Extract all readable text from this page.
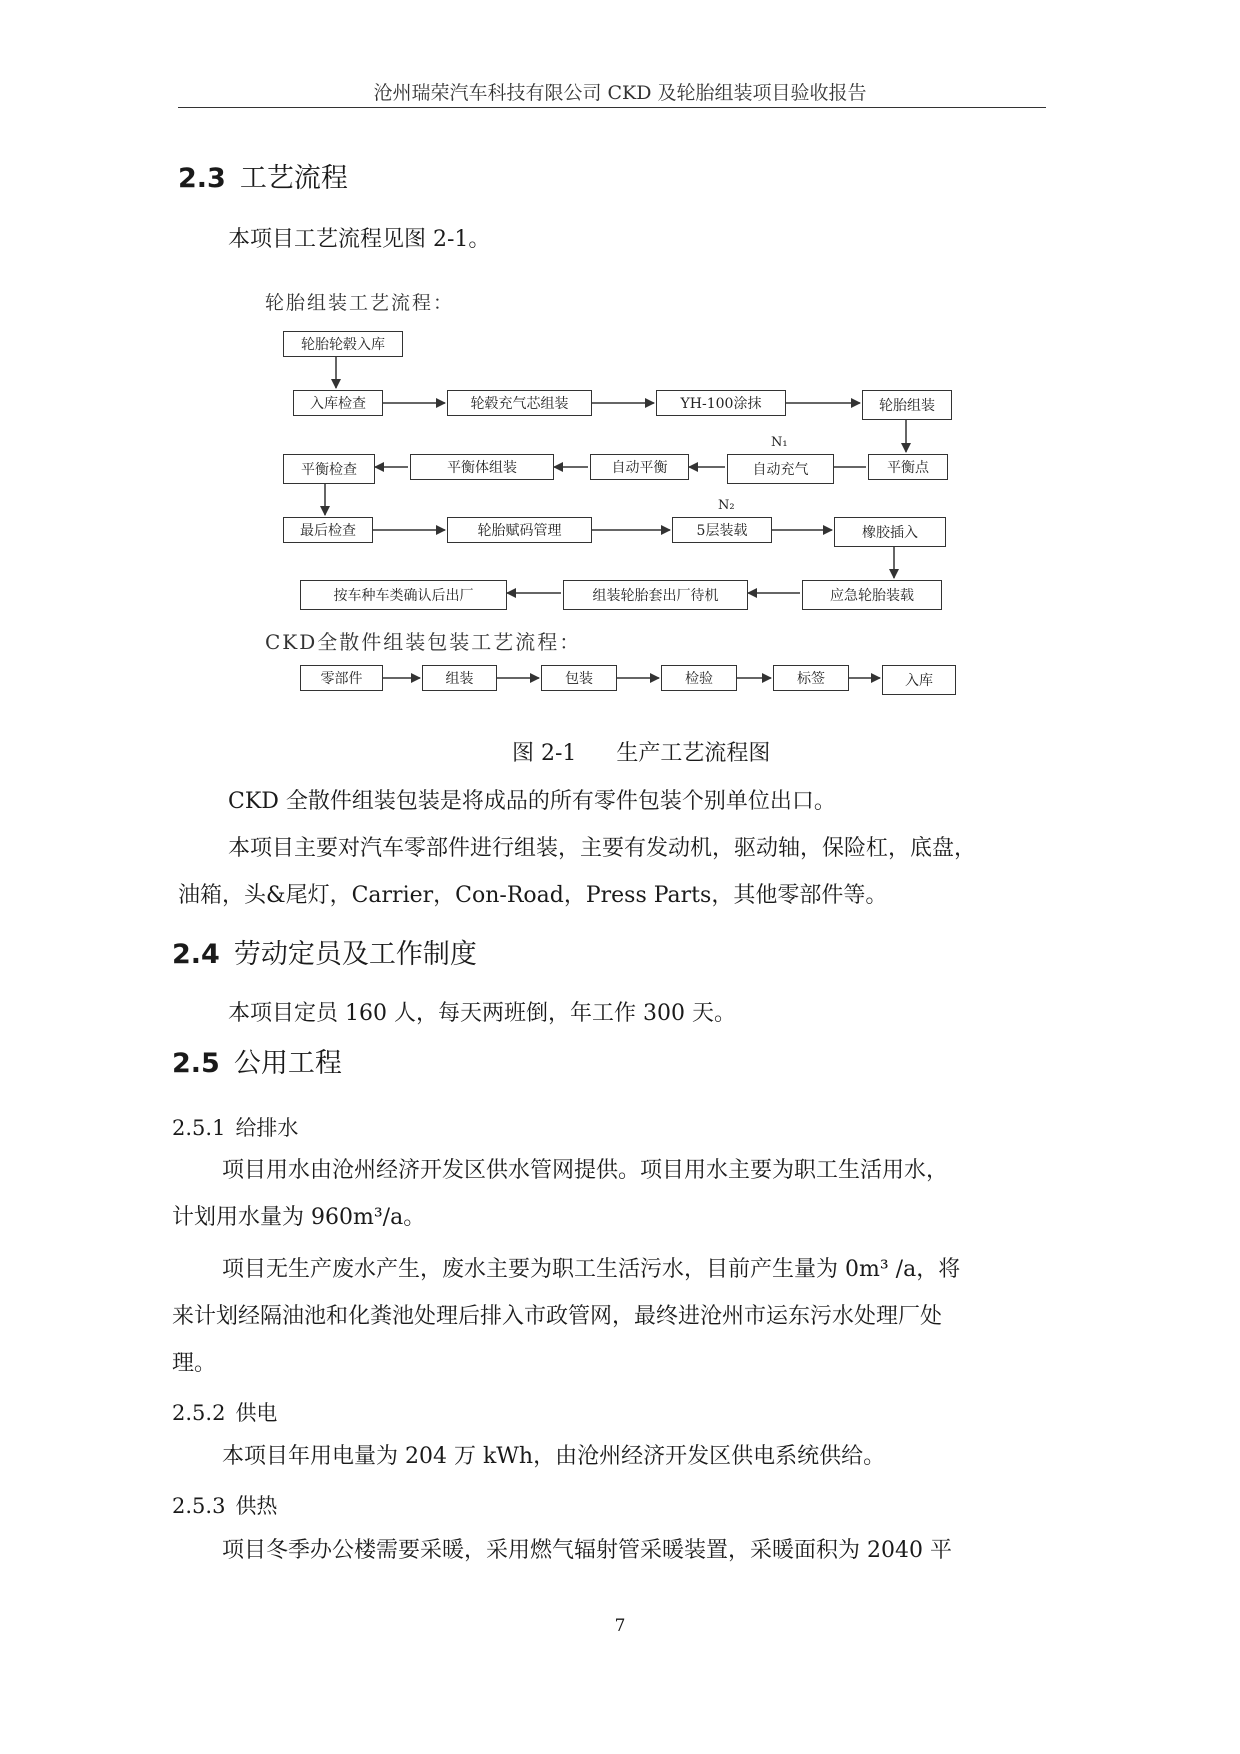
沧州瑞荣汽车科技有限公司 CKD 及轮胎组装项目验收报告
2.3 工艺流程
本项目工艺流程见图 2-1。
轮胎组装工艺流程：
轮胎轮毂入库
入库检查	轮毂充气芯组装	YH-100涂抹	轮胎组装
平衡点
N₁
自动充气
自动平衡
平衡体组装
平衡检查
最后检查	轮胎赋码管理
N₂
5层装载	橡胶插入
应急轮胎装载
组装轮胎套出厂待机
按车种车类确认后出厂
CKD全散件组装包装工艺流程：
零部件	组装	包装	检验	标签	入库
图 2-1 生产工艺流程图
CKD 全散件组装包装是将成品的所有零件包装个别单位出口。
本项目主要对汽车零部件进行组装，主要有发动机，驱动轴，保险杠，底盘，
油箱，头&尾灯，Carrier，Con-Road，Press Parts，其他零部件等。
2.4 劳动定员及工作制度
本项目定员 160 人，每天两班倒，年工作 300 天。
2.5 公用工程
2.5.1 给排水
项目用水由沧州经济开发区供水管网提供。项目用水主要为职工生活用水，
计划用水量为 960m³/a。
项目无生产废水产生，废水主要为职工生活污水，目前产生量为 0m³ /a，将
来计划经隔油池和化粪池处理后排入市政管网，最终进沧州市运东污水处理厂处
理。
2.5.2 供电
本项目年用电量为 204 万 kWh，由沧州经济开发区供电系统供给。
2.5.3 供热
项目冬季办公楼需要采暖，采用燃气辐射管采暖装置，采暖面积为 2040 平
7
